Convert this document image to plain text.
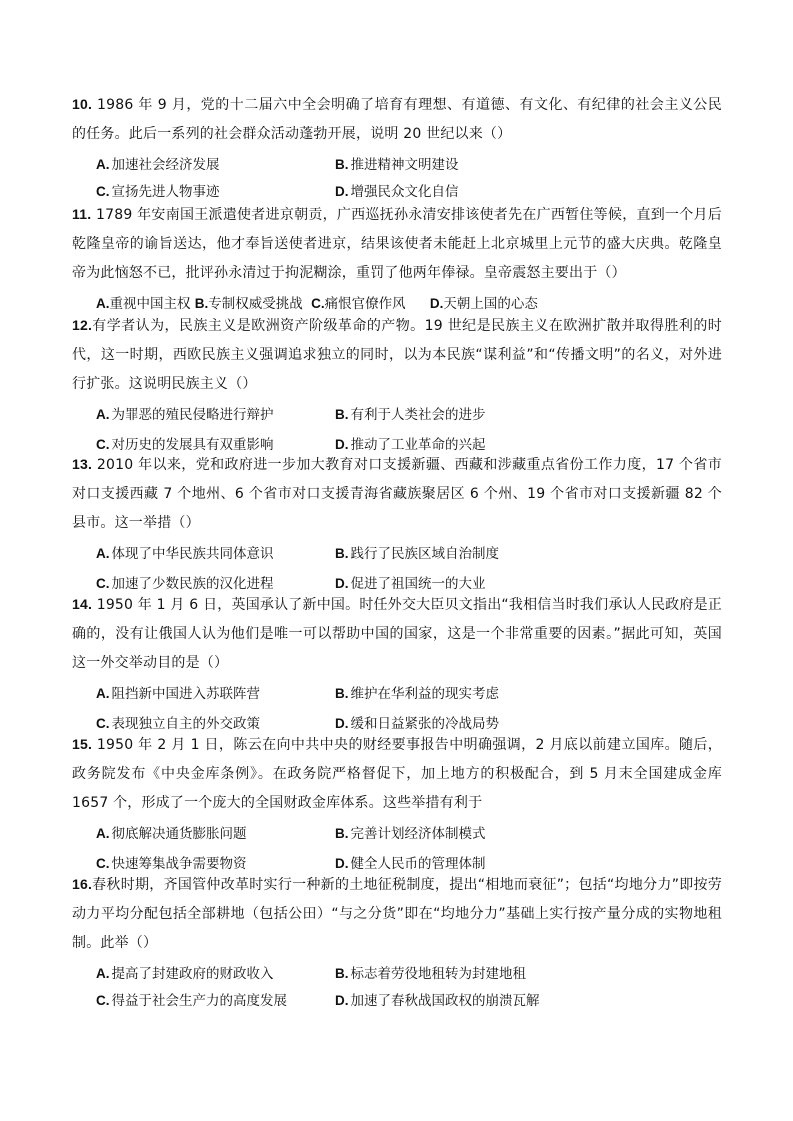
10. 1986 年 9 月，党的十二届六中全会明确了培育有理想、有道德、有文化、有纪律的社会主义公民的任务。此后一系列的社会群众活动蓬勃开展，说明 20 世纪以来（）
A. 加速社会经济发展	B. 推进精神文明建设
C. 宣扬先进人物事迹	D. 增强民众文化自信
11. 1789 年安南国王派遣使者进京朝贡，广西巡抚孙永清安排该使者先在广西暂住等候，直到一个月后乾隆皇帝的谕旨送达，他才奉旨送使者进京，结果该使者未能赶上北京城里上元节的盛大庆典。乾隆皇帝为此恼怒不已，批评孙永清过于拘泥糊涂，重罚了他两年俸禄。皇帝震怒主要出于（）
A.重视中国主权 B.专制权威受挑战 C.痛恨官僚作风 D.天朝上国的心态
12.有学者认为，民族主义是欧洲资产阶级革命的产物。19 世纪是民族主义在欧洲扩散并取得胜利的时代，这一时期，西欧民族主义强调追求独立的同时，以为本民族“谋利益”和“传播文明”的名义，对外进行扩张。这说明民族主义（）
A. 为罪恶的殖民侵略进行辩护	B. 有利于人类社会的进步
C. 对历史的发展具有双重影响	D. 推动了工业革命的兴起
13. 2010 年以来，党和政府进一步加大教育对口支援新疆、西藏和涉藏重点省份工作力度，17 个省市对口支援西藏 7 个地州、6 个省市对口支援青海省藏族聚居区 6 个州、19 个省市对口支援新疆 82 个县市。这一举措（）
A. 体现了中华民族共同体意识	B. 践行了民族区域自治制度
C. 加速了少数民族的汉化进程	D. 促进了祖国统一的大业
14. 1950 年 1 月 6 日，英国承认了新中国。时任外交大臣贝文指出“我相信当时我们承认人民政府是正确的，没有让俄国人认为他们是唯一可以帮助中国的国家，这是一个非常重要的因素。”据此可知，英国这一外交举动目的是（）
A. 阻挡新中国进入苏联阵营	B. 维护在华利益的现实考虑
C. 表现独立自主的外交政策	D. 缓和日益紧张的冷战局势
15. 1950 年 2 月 1 日，陈云在向中共中央的财经要事报告中明确强调，2 月底以前建立国库。随后，政务院发布《中央金库条例》。在政务院严格督促下，加上地方的积极配合，到 5 月末全国建成金库 1657 个，形成了一个庞大的全国财政金库体系。这些举措有利于
A. 彻底解决通货膨胀问题	B. 完善计划经济体制模式
C. 快速筹集战争需要物资	D. 健全人民币的管理体制
16.春秋时期，齐国管仲改革时实行一种新的土地征税制度，提出“相地而衰征”；包括“均地分力”即按劳动力平均分配包括全部耕地（包括公田）“与之分货”即在“均地分力”基础上实行按产量分成的实物地租制。此举（）
A. 提高了封建政府的财政收入	B. 标志着劳役地租转为封建地租
C. 得益于社会生产力的高度发展	D. 加速了春秋战国政权的崩溃瓦解
